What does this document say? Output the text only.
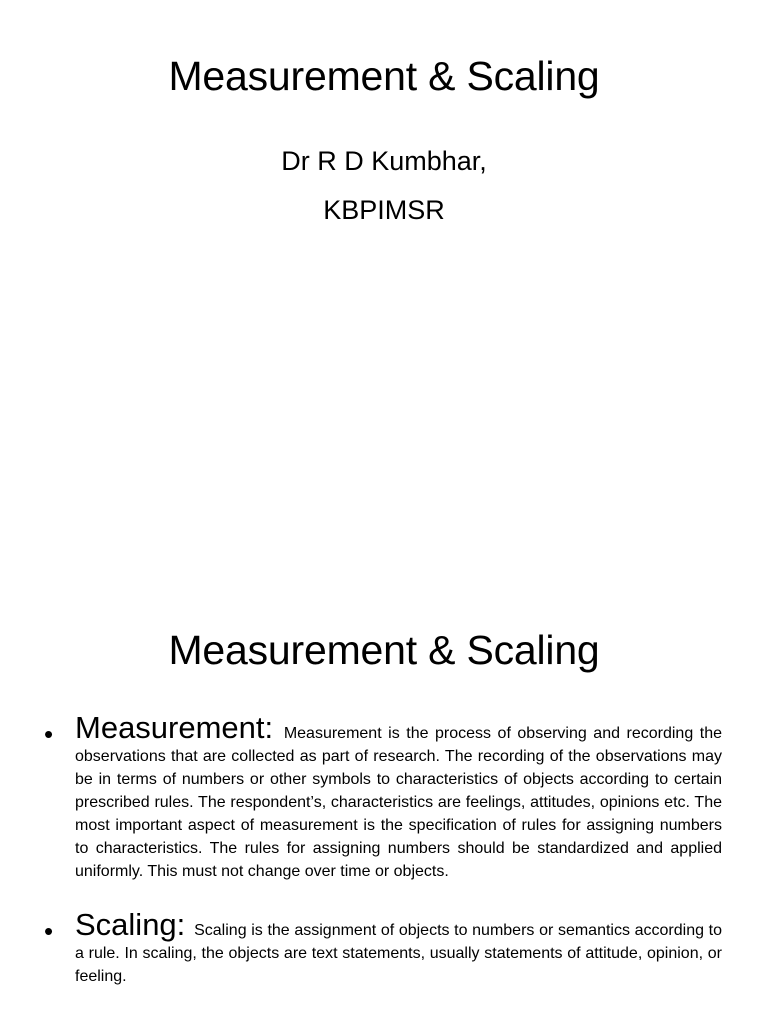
Measurement & Scaling

Dr R D Kumbhar,

KBPIMSR

Measurement & Scaling
• Measurement: Measurement is the process of observing and recording the observations that are collected as part of research. The recording of the observations may be in terms of numbers or other symbols to characteristics of objects according to certain prescribed rules. The respondent’s, characteristics are feelings, attitudes, opinions etc. The most important aspect of measurement is the specification of rules for assigning numbers to characteristics. The rules for assigning numbers should be standardized and applied uniformly. This must not change over time or objects.
• Scaling: Scaling is the assignment of objects to numbers or semantics according to a rule. In scaling, the objects are text statements, usually statements of attitude, opinion, or feeling.
